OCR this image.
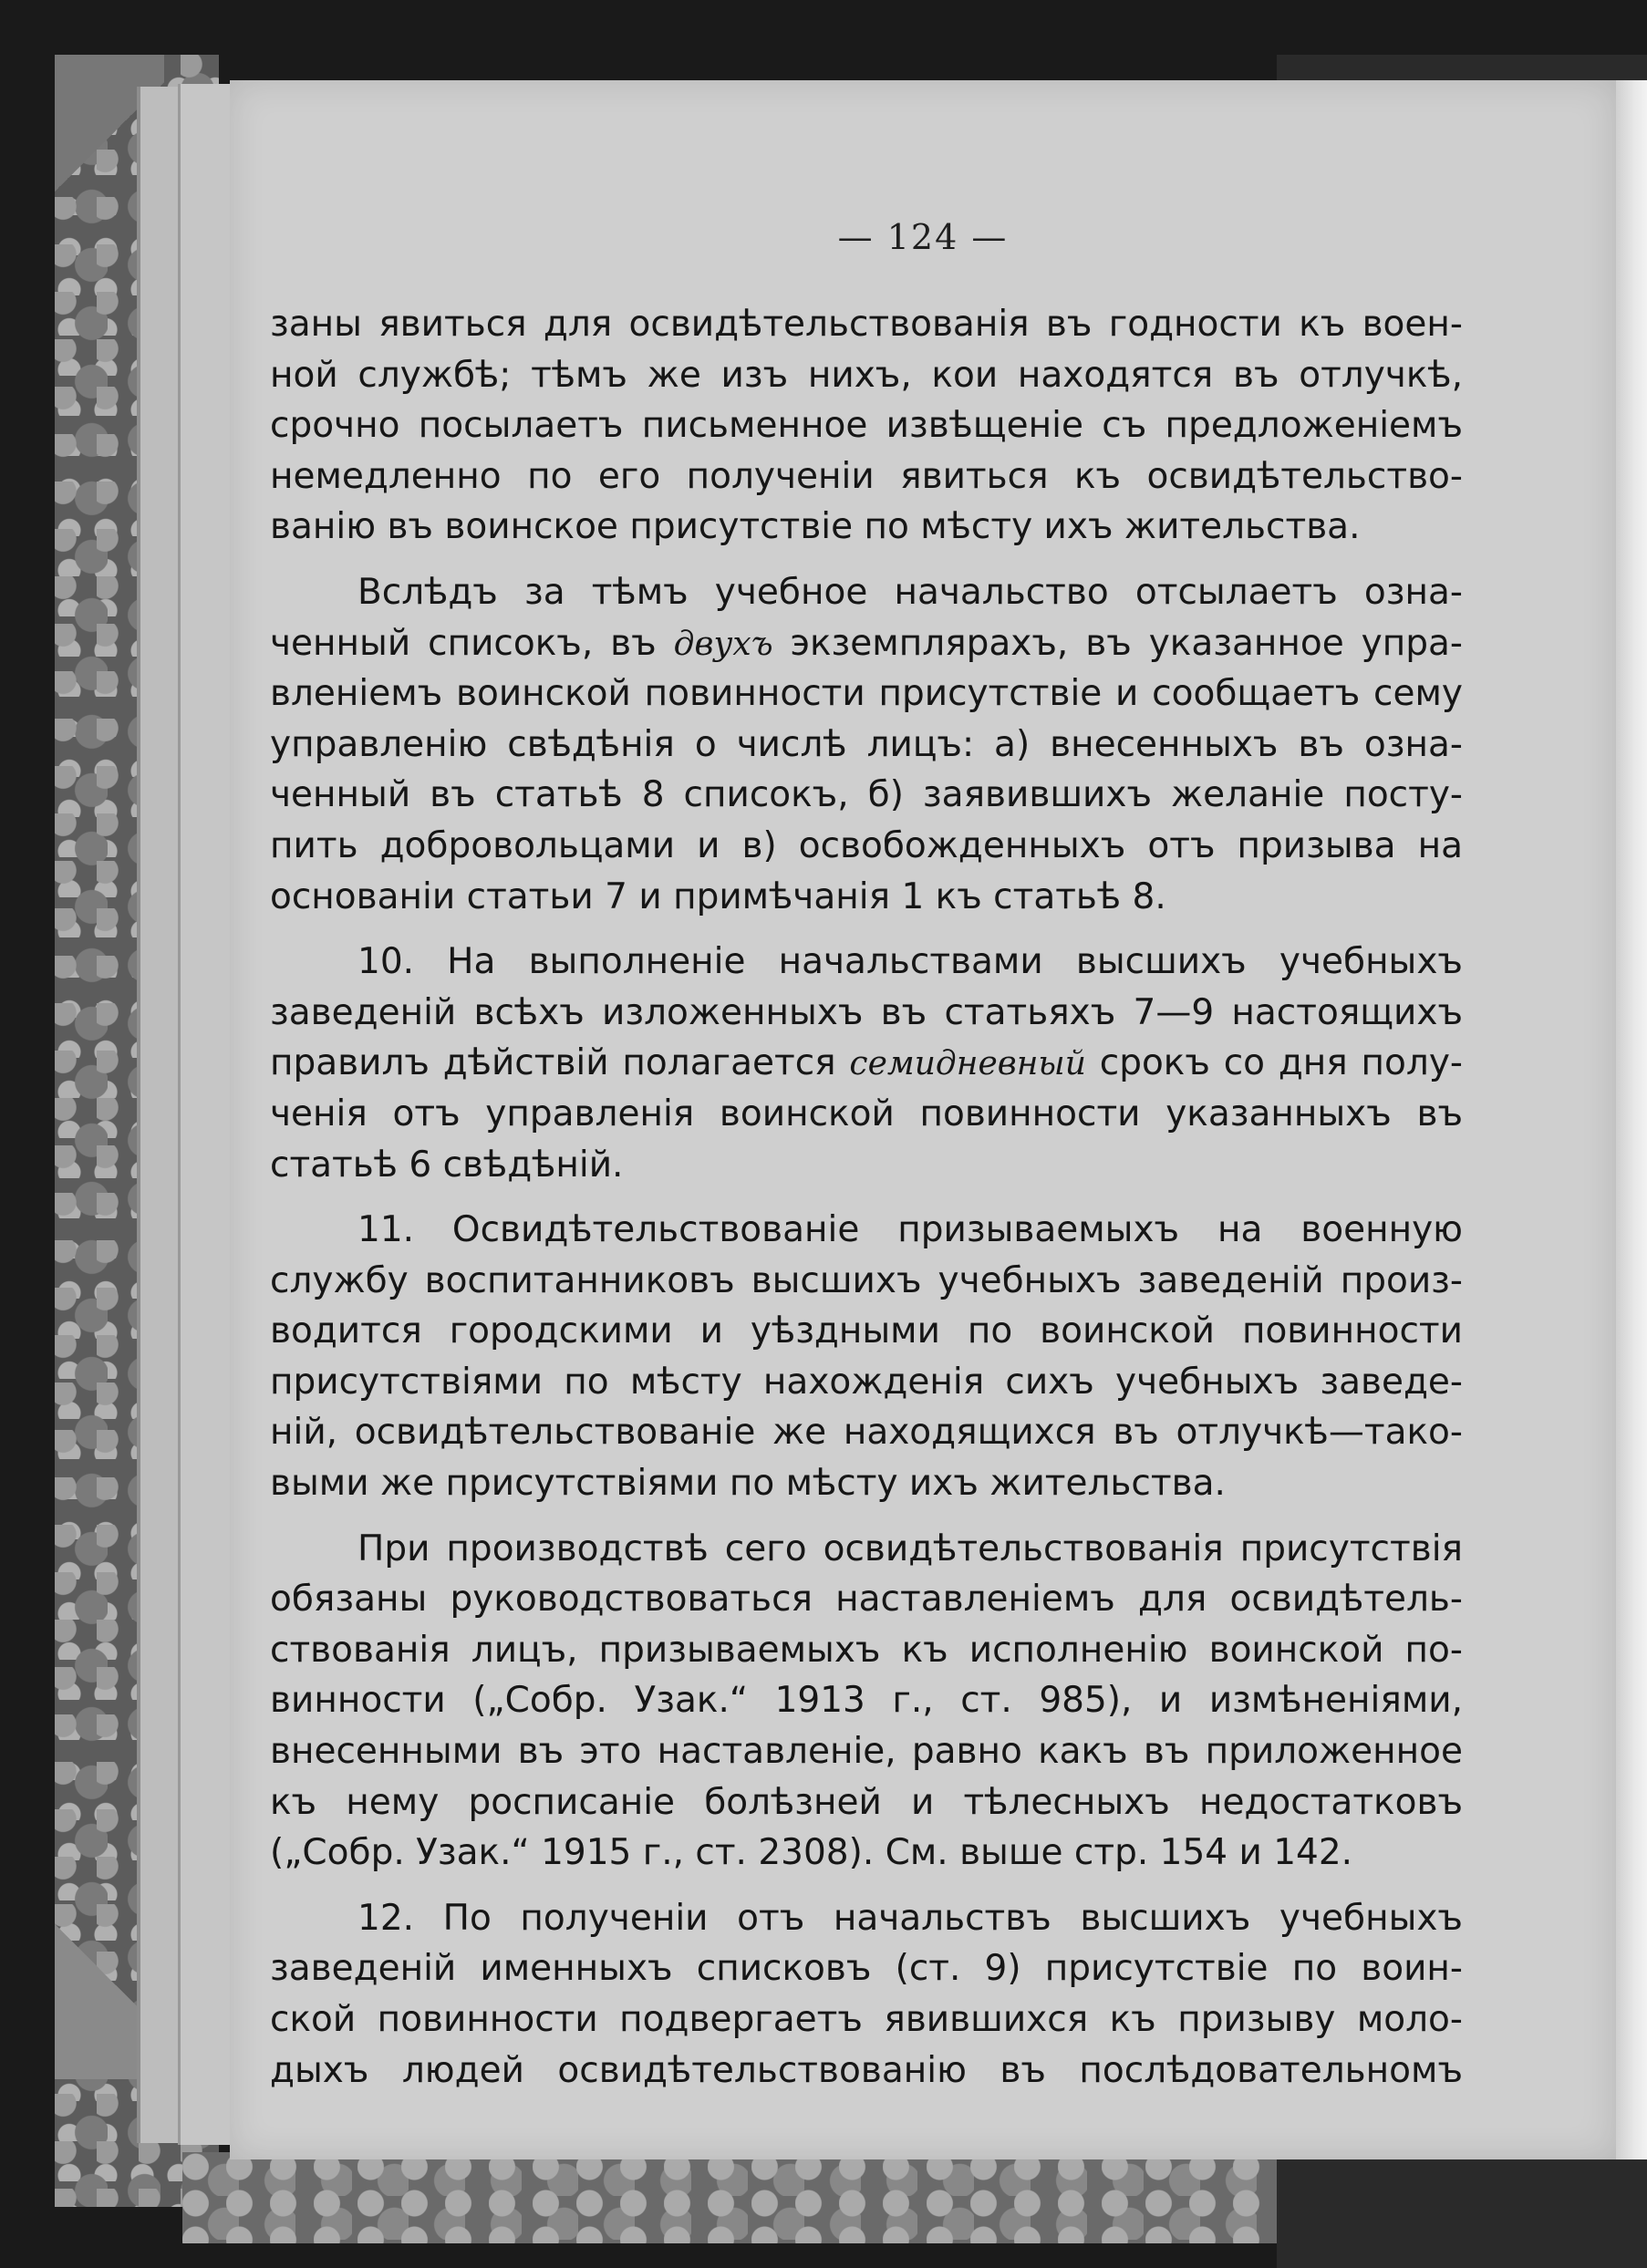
— 124 —
заны явиться для освидѣтельствованія въ годности къ воен-
ной службѣ; тѣмъ же изъ нихъ, кои находятся въ отлучкѣ,
срочно посылаетъ письменное извѣщеніе съ предложеніемъ
немедленно по его полученіи явиться къ освидѣтельство-
ванію въ воинское присутствіе по мѣсту ихъ жительства.
Вслѣдъ за тѣмъ учебное начальство отсылаетъ озна-
ченный списокъ, въ двухъ экземплярахъ, въ указанное упра-
вленіемъ воинской повинности присутствіе и сообщаетъ сему
управленію свѣдѣнія о числѣ лицъ: а) внесенныхъ въ озна-
ченный въ статьѣ 8 списокъ, б) заявившихъ желаніе посту-
пить добровольцами и в) освобожденныхъ отъ призыва на
основаніи статьи 7 и примѣчанія 1 къ статьѣ 8.
10. На выполненіе начальствами высшихъ учебныхъ
заведеній всѣхъ изложенныхъ въ статьяхъ 7—9 настоящихъ
правилъ дѣйствій полагается семидневный срокъ со дня полу-
ченія отъ управленія воинской повинности указанныхъ въ
статьѣ 6 свѣдѣній.
11. Освидѣтельствованіе призываемыхъ на военную
службу воспитанниковъ высшихъ учебныхъ заведеній произ-
водится городскими и уѣздными по воинской повинности
присутствіями по мѣсту нахожденія сихъ учебныхъ заведе-
ній, освидѣтельствованіе же находящихся въ отлучкѣ—тако-
выми же присутствіями по мѣсту ихъ жительства.
При производствѣ сего освидѣтельствованія присутствія
обязаны руководствоваться наставленіемъ для освидѣтель-
ствованія лицъ, призываемыхъ къ исполненію воинской по-
винности („Собр. Узак.“ 1913 г., ст. 985), и измѣненіями,
внесенными въ это наставленіе, равно какъ въ приложенное
къ нему росписаніе болѣзней и тѣлесныхъ недостатковъ
(„Собр. Узак.“ 1915 г., ст. 2308). См. выше стр. 154 и 142.
12. По полученіи отъ начальствъ высшихъ учебныхъ
заведеній именныхъ списковъ (ст. 9) присутствіе по воин-
ской повинности подвергаетъ явившихся къ призыву моло-
дыхъ людей освидѣтельствованію въ послѣдовательномъ
